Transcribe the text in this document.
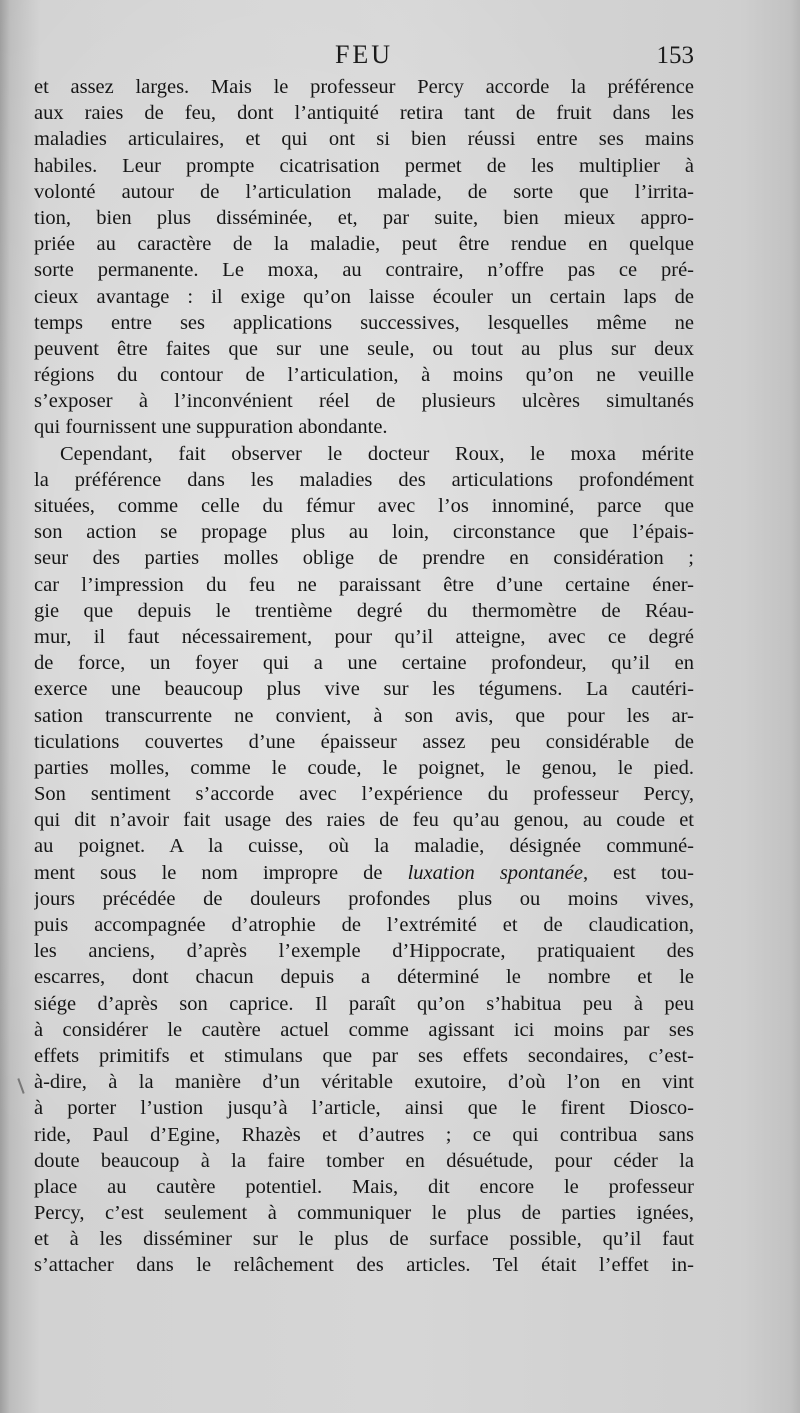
FEU	153
et assez larges. Mais le professeur Percy accorde la préférence
aux raies de feu, dont l’antiquité retira tant de fruit dans les
maladies articulaires, et qui ont si bien réussi entre ses mains
habiles. Leur prompte cicatrisation permet de les multiplier à
volonté autour de l’articulation malade, de sorte que l’irrita-
tion, bien plus disséminée, et, par suite, bien mieux appro-
priée au caractère de la maladie, peut être rendue en quelque
sorte permanente. Le moxa, au contraire, n’offre pas ce pré-
cieux avantage : il exige qu’on laisse écouler un certain laps de
temps entre ses applications successives, lesquelles même ne
peuvent être faites que sur une seule, ou tout au plus sur deux
régions du contour de l’articulation, à moins qu’on ne veuille
s’exposer à l’inconvénient réel de plusieurs ulcères simultanés
qui fournissent une suppuration abondante.
Cependant, fait observer le docteur Roux, le moxa mérite
la préférence dans les maladies des articulations profondément
situées, comme celle du fémur avec l’os innominé, parce que
son action se propage plus au loin, circonstance que l’épais-
seur des parties molles oblige de prendre en considération ;
car l’impression du feu ne paraissant être d’une certaine éner-
gie que depuis le trentième degré du thermomètre de Réau-
mur, il faut nécessairement, pour qu’il atteigne, avec ce degré
de force, un foyer qui a une certaine profondeur, qu’il en
exerce une beaucoup plus vive sur les tégumens. La cautéri-
sation transcurrente ne convient, à son avis, que pour les ar-
ticulations couvertes d’une épaisseur assez peu considérable de
parties molles, comme le coude, le poignet, le genou, le pied.
Son sentiment s’accorde avec l’expérience du professeur Percy,
qui dit n’avoir fait usage des raies de feu qu’au genou, au coude et
au poignet. A la cuisse, où la maladie, désignée communé-
ment sous le nom impropre de luxation spontanée, est tou-
jours précédée de douleurs profondes plus ou moins vives,
puis accompagnée d’atrophie de l’extrémité et de claudication,
les anciens, d’après l’exemple d’Hippocrate, pratiquaient des
escarres, dont chacun depuis a déterminé le nombre et le
siége d’après son caprice. Il paraît qu’on s’habitua peu à peu
à considérer le cautère actuel comme agissant ici moins par ses
effets primitifs et stimulans que par ses effets secondaires, c’est-
à-dire, à la manière d’un véritable exutoire, d’où l’on en vint
à porter l’ustion jusqu’à l’article, ainsi que le firent Diosco-
ride, Paul d’Egine, Rhazès et d’autres ; ce qui contribua sans
doute beaucoup à la faire tomber en désuétude, pour céder la
place au cautère potentiel. Mais, dit encore le professeur
Percy, c’est seulement à communiquer le plus de parties ignées,
et à les disséminer sur le plus de surface possible, qu’il faut
s’attacher dans le relâchement des articles. Tel était l’effet in-
